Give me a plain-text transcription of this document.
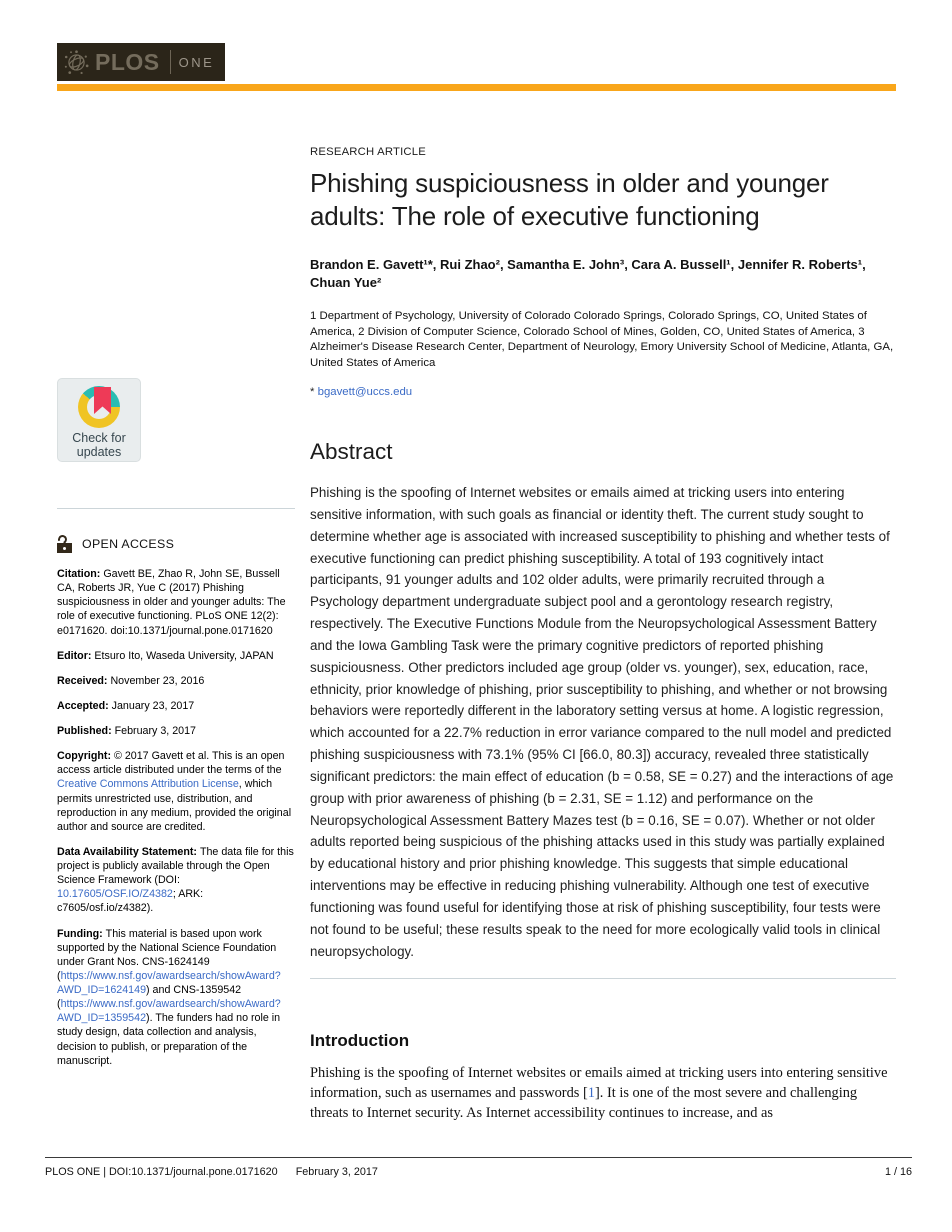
PLOS ONE
RESEARCH ARTICLE
Phishing suspiciousness in older and younger adults: The role of executive functioning
Brandon E. Gavett¹*, Rui Zhao², Samantha E. John³, Cara A. Bussell¹, Jennifer R. Roberts¹, Chuan Yue²
1 Department of Psychology, University of Colorado Colorado Springs, Colorado Springs, CO, United States of America, 2 Division of Computer Science, Colorado School of Mines, Golden, CO, United States of America, 3 Alzheimer's Disease Research Center, Department of Neurology, Emory University School of Medicine, Atlanta, GA, United States of America
* bgavett@uccs.edu
Abstract

Phishing is the spoofing of Internet websites or emails aimed at tricking users into entering sensitive information, with such goals as financial or identity theft. The current study sought to determine whether age is associated with increased susceptibility to phishing and whether tests of executive functioning can predict phishing susceptibility. A total of 193 cognitively intact participants, 91 younger adults and 102 older adults, were primarily recruited through a Psychology department undergraduate subject pool and a gerontology research registry, respectively. The Executive Functions Module from the Neuropsychological Assessment Battery and the Iowa Gambling Task were the primary cognitive predictors of reported phishing suspiciousness. Other predictors included age group (older vs. younger), sex, education, race, ethnicity, prior knowledge of phishing, prior susceptibility to phishing, and whether or not browsing behaviors were reportedly different in the laboratory setting versus at home. A logistic regression, which accounted for a 22.7% reduction in error variance compared to the null model and predicted phishing suspiciousness with 73.1% (95% CI [66.0, 80.3]) accuracy, revealed three statistically significant predictors: the main effect of education (b = 0.58, SE = 0.27) and the interactions of age group with prior awareness of phishing (b = 2.31, SE = 1.12) and performance on the Neuropsychological Assessment Battery Mazes test (b = 0.16, SE = 0.07). Whether or not older adults reported being suspicious of the phishing attacks used in this study was partially explained by educational history and prior phishing knowledge. This suggests that simple educational interventions may be effective in reducing phishing vulnerability. Although one test of executive functioning was found useful for identifying those at risk of phishing susceptibility, four tests were not found to be useful; these results speak to the need for more ecologically valid tools in clinical neuropsychology.

Introduction

Phishing is the spoofing of Internet websites or emails aimed at tricking users into entering sensitive information, such as usernames and passwords [1]. It is one of the most severe and challenging threats to Internet security. As Internet accessibility continues to increase, and as

Check for
updates
OPEN ACCESS

Citation: Gavett BE, Zhao R, John SE, Bussell CA, Roberts JR, Yue C (2017) Phishing suspiciousness in older and younger adults: The role of executive functioning. PLoS ONE 12(2): e0171620. doi:10.1371/journal.pone.0171620

Editor: Etsuro Ito, Waseda University, JAPAN

Received: November 23, 2016

Accepted: January 23, 2017

Published: February 3, 2017

Copyright: © 2017 Gavett et al. This is an open access article distributed under the terms of the Creative Commons Attribution License, which permits unrestricted use, distribution, and reproduction in any medium, provided the original author and source are credited.

Data Availability Statement: The data file for this project is publicly available through the Open Science Framework (DOI: 10.17605/OSF.IO/Z4382; ARK: c7605/osf.io/z4382).

Funding: This material is based upon work supported by the National Science Foundation under Grant Nos. CNS-1624149 (https://www.nsf.gov/awardsearch/showAward?AWD_ID=1624149) and CNS-1359542 (https://www.nsf.gov/awardsearch/showAward?AWD_ID=1359542). The funders had no role in study design, data collection and analysis, decision to publish, or preparation of the manuscript.

PLOS ONE | DOI:10.1371/journal.pone.0171620 February 3, 2017	1 / 16
